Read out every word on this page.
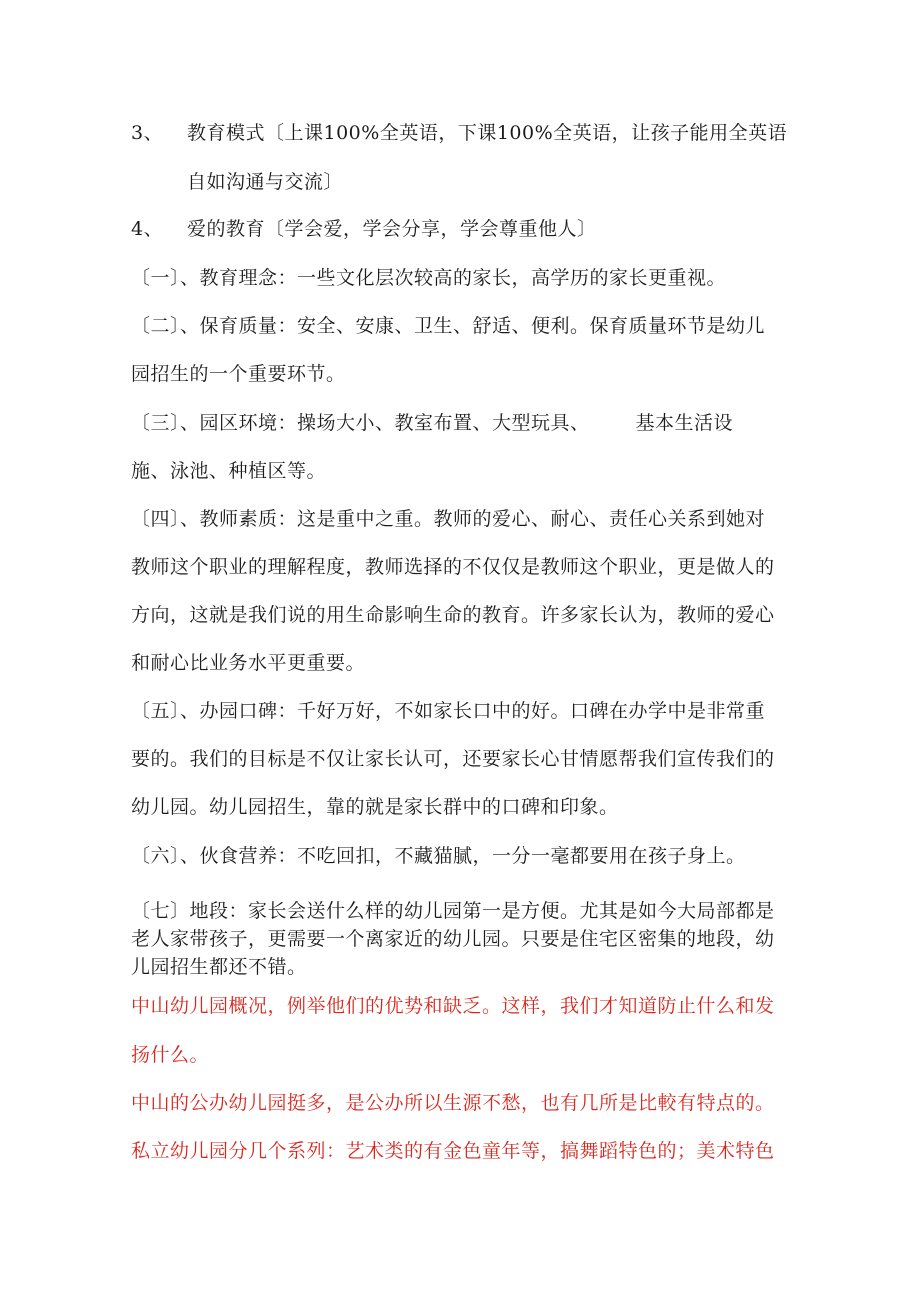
3、 教育模式〔上课100%全英语，下课100%全英语，让孩子能用全英语
自如沟通与交流〕
4、 爱的教育〔学会爱，学会分享，学会尊重他人〕
〔一〕、教育理念：一些文化层次较高的家长，高学历的家长更重视。
〔二〕、保育质量：安全、安康、卫生、舒适、便利。保育质量环节是幼儿
园招生的一个重要环节。
〔三〕、园区环境：操场大小、教室布置、大型玩具、 基本生活设
施、泳池、种植区等。
〔四〕、教师素质：这是重中之重。教师的爱心、耐心、责任心关系到她对
教师这个职业的理解程度，教师选择的不仅仅是教师这个职业，更是做人的
方向，这就是我们说的用生命影响生命的教育。许多家长认为，教师的爱心
和耐心比业务水平更重要。
〔五〕、办园口碑：千好万好，不如家长口中的好。口碑在办学中是非常重
要的。我们的目标是不仅让家长认可，还要家长心甘情愿帮我们宣传我们的
幼儿园。幼儿园招生，靠的就是家长群中的口碑和印象。
〔六〕、伙食营养：不吃回扣，不藏猫腻，一分一毫都要用在孩子身上。
〔七〕地段：家长会送什么样的幼儿园第一是方便。尤其是如今大局部都是
老人家带孩子，更需要一个离家近的幼儿园。只要是住宅区密集的地段，幼
儿园招生都还不错。
中山幼儿园概况，例举他们的优势和缺乏。这样，我们才知道防止什么和发
扬什么。
中山的公办幼儿园挺多，是公办所以生源不愁，也有几所是比較有特点的。
私立幼儿园分几个系列：艺术类的有金色童年等，搞舞蹈特色的；美术特色
